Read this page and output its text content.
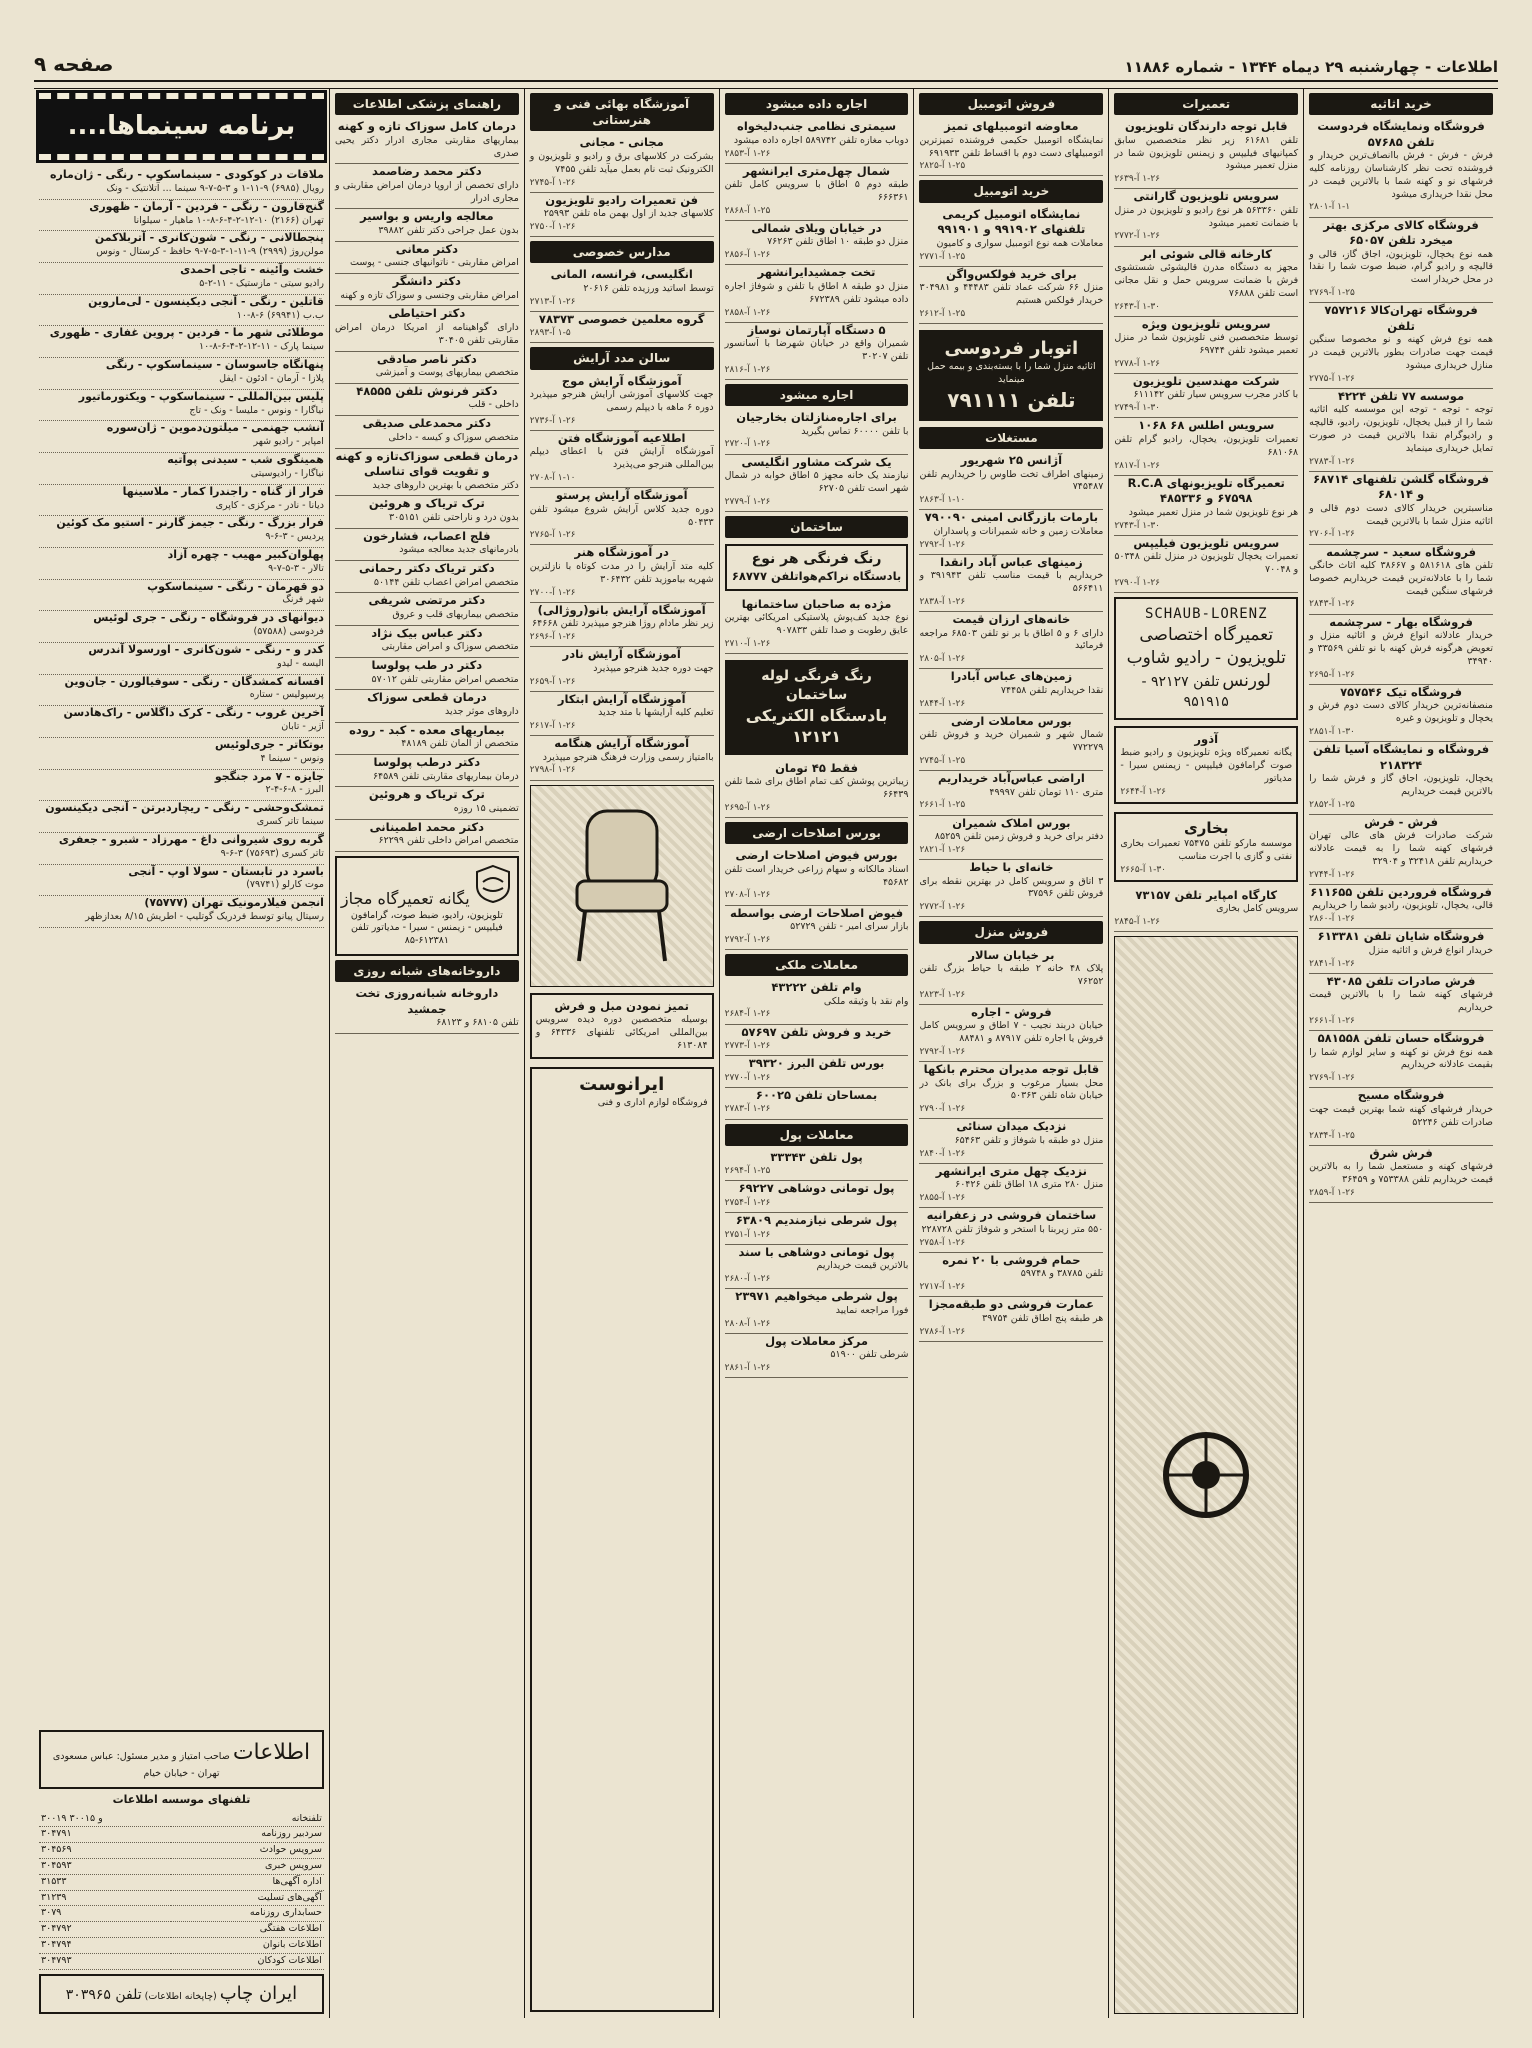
اطلاعات - چهارشنبه ۲۹ دیماه ۱۳۴۴ - شماره ۱۱۸۸۶
صفحه ۹
خرید اثاثیه
فروشگاه ونمایشگاه فردوست تلفن ۵۷۶۸۵
فرش - فرش - فرش باانصاف‌ترین خریدار و فروشنده تحت نظر کارشناسان روزنامه کلیه فرشهای نو و کهنه شما با بالاترین قیمت در محل نقدا خریداری میشود
۱-۱ آ-۲۸۰۱
فروشگاه کالای مرکزی بهتر میخرد تلفن ۶۵۰۵۷
همه نوع یخچال، تلویزیون، اجاق گاز، قالی و قالیچه و رادیو گرام، ضبط صوت شما را نقدا در محل خریدار است
۱-۲۵ آ-۲۷۶۹
فروشگاه تهران‌کالا ۷۵۷۲۱۶ تلفن
همه نوع فرش کهنه و نو مخصوصا سنگین قیمت جهت صادرات بطور بالاترین قیمت در منازل خریداری میشود
۱-۲۶ آ-۲۷۷۵
موسسه ۷۷ تلفن ۴۲۲۴
توجه - توجه - توجه این موسسه کلیه اثاثیه شما را از قبیل یخچال، تلویزیون، رادیو، قالیچه و رادیوگرام نقدا بالاترین قیمت در صورت تمایل خریداری مینماید
۱-۲۶ آ-۲۷۸۳
فروشگاه گلشن تلفنهای ۶۸۷۱۴ و ۶۸۰۱۴
مناسبترین خریدار کالای دست دوم قالی و اثاثیه منزل شما با بالاترین قیمت
۱-۲۶ آ-۲۷۰۶
فروشگاه سعید - سرچشمه
تلفن های ۵۸۱۶۱۸ و ۳۸۶۶۷ کلیه اثاث خانگی شما را با عادلانه‌ترین قیمت خریداریم خصوصا فرشهای سنگین قیمت
۱-۲۶ آ-۲۸۴۳
فروشگاه بهار - سرچشمه
خریدار عادلانه انواع فرش و اثاثیه منزل و تعویض هرگونه فرش کهنه با نو تلفن ۳۳۵۶۹ و ۳۴۹۴۰
۱-۲۶ آ-۲۶۹۵
فروشگاه تیک ۷۵۷۵۴۶
منصفانه‌ترین خریدار کالای دست دوم فرش و یخچال و تلویزیون و غیره
۱-۳۰ آ-۲۸۵۱
فروشگاه و نمایشگاه آسیا تلفن ۲۱۸۳۲۴
یخچال، تلویزیون، اجاق گاز و فرش شما را بالاترین قیمت خریداریم
۱-۲۵ آ-۲۸۵۲
فرش - فرش
شرکت صادرات فرش های عالی تهران فرشهای کهنه شما را به قیمت عادلانه خریداریم تلفن ۳۲۴۱۸ و ۳۲۹۰۴
۱-۲۶ آ-۲۷۴۴
فروشگاه فروردین تلفن ۶۱۱۶۵۵
قالی، یخچال، تلویزیون، رادیو شما را خریداریم
۱-۲۶ آ-۲۸۶۰
فروشگاه شایان تلفن ۶۱۳۳۸۱
خریدار انواع فرش و اثاثیه منزل
۱-۲۶ آ-۲۸۴۱
فرش صادرات تلفن ۴۳۰۸۵
فرشهای کهنه شما را با بالاترین قیمت خریداریم
۱-۲۶ آ-۲۶۶۱
فروشگاه حسان تلفن ۵۸۱۵۵۸
همه نوع فرش نو کهنه و سایر لوازم شما را بقیمت عادلانه خریداریم
۱-۲۶ آ-۲۷۶۹
فروشگاه مسیح
خریدار فرشهای کهنه شما بهترین قیمت جهت صادرات تلفن ۵۲۲۴۶
۱-۲۵ آ-۲۸۳۴
فرش شرق
فرشهای کهنه و مستعمل شما را به بالاترین قیمت خریداریم تلفن ۷۵۳۳۸۸ و ۳۶۴۵۹
۱-۲۶ آ-۲۸۵۹
تعمیرات
قابل توجه دارندگان تلویزیون
تلفن ۶۱۶۸۱ زیر نظر متخصصین سابق کمپانیهای فیلیپس و زیمنس تلویزیون شما در منزل تعمیر میشود
۱-۲۶ آ-۲۶۳۹
سرویس تلویزیون گارانتی
تلفن ۵۶۳۳۶۰ هر نوع رادیو و تلویزیون در منزل با ضمانت تعمیر میشود
۱-۲۶ آ-۲۷۷۲
کارخانه قالی شوئی ابر
مجهز به دستگاه مدرن قالیشوئی شستشوی فرش با ضمانت سرویس حمل و نقل مجانی است تلفن ۷۶۸۸۸
۱-۳۰ آ-۲۶۴۳
سرویس تلویزیون ویژه
توسط متخصصین فنی تلویزیون شما در منزل تعمیر میشود تلفن ۶۹۷۴۴
۱-۲۶ آ-۲۷۷۸
شرکت مهندسین تلویزیون
با کادر مجرب سرویس سیار تلفن ۶۱۱۱۴۲
۱-۳۰ آ-۲۷۴۹
سرویس اطلس ۶۸ ۱۰۶۸
تعمیرات تلویزیون، یخچال، رادیو گرام تلفن ۶۸۱۰۶۸
۱-۲۶ آ-۲۸۱۷
تعمیرگاه تلویزیونهای R.C.A ۶۷۵۹۸ و ۴۸۵۳۳۶
هر نوع تلویزیون شما در منزل تعمیر میشود
۱-۳۰ آ-۲۷۴۳
سرویس تلویزیون فیلیپس
تعمیرات یخچال تلویزیون در منزل تلفن ۵۰۳۴۸ و ۷۰۰۴۸
۱-۲۶ آ-۲۷۹۰
SCHAUB-LORENZ تعمیرگاه اختصاصی تلویزیون - رادیو شاوب لورنس تلفن ۹۲۱۲۷ - ۹۵۱۹۱۵
آذور
یگانه تعمیرگاه ویژه تلویزیون و رادیو ضبط صوت گرامافون فیلیپس - زیمنس سیرا - مدیاتور
۱-۲۶ آ-۲۶۴۴
بخاری
موسسه مارکو تلفن ۷۵۴۷۵ تعمیرات بخاری نفتی و گازی با اجرت مناسب
۱-۳۰ آ-۲۶۶۵
کارگاه امپایر تلفن ۷۳۱۵۷
سرویس کامل بخاری
۱-۲۶ آ-۲۸۴۵
فروش اتومبیل
معاوضه اتومبیلهای تمیز
نمایشگاه اتومبیل حکیمی فروشنده تمیزترین اتومبیلهای دست دوم با اقساط تلفن ۶۹۱۹۳۳
۱-۲۵ آ-۲۸۲۵
خرید اتومبیل
نمایشگاه اتومبیل کریمی تلفنهای ۹۹۱۹۰۲ و ۹۹۱۹۰۱
معاملات همه نوع اتومبیل سواری و کامیون
۱-۲۵ آ-۲۷۷۱
برای خرید فولکس‌واگن
منزل ۶۶ شرکت عماد تلفن ۴۴۴۸۳ و ۳۰۴۹۸۱ خریدار فولکس هستیم
۱-۲۵ آ-۲۶۱۲
اتوبار فردوسی
اثاثیه منزل شما را با بسته‌بندی و بیمه حمل مینماید
تلفن ۷۹۱۱۱۱
مستغلات
آژانس ۲۵ شهریور
زمینهای اطراف تخت طاوس را خریداریم تلفن ۷۴۵۴۸۷
۱-۱۰ آ-۲۸۶۳
بارمات بازرگانی امینی ۷۹۰۰۹۰
معاملات زمین و خانه شمیرانات و پاسداران
۱-۲۶ آ-۲۷۹۲
زمینهای عباس آباد رانقدا
خریداریم با قیمت مناسب تلفن ۳۹۱۹۴۳ و ۵۶۶۴۱۱
۱-۲۶ آ-۲۸۳۸
خانه‌های ارزان قیمت
دارای ۶ و ۵ اطاق با بر نو تلفن ۶۸۵۰۳ مراجعه فرمائید
۱-۲۶ آ-۲۸۰۵
زمین‌های عباس آبادرا
نقدا خریداریم تلفن ۷۴۴۵۸
۱-۲۶ آ-۲۸۴۴
بورس معاملات ارضی
شمال شهر و شمیران خرید و فروش تلفن ۷۷۲۲۷۹
۱-۲۵ آ-۲۷۴۵
اراضی عباس‌آباد خریداریم
متری ۱۱۰ تومان تلفن ۴۹۹۹۷
۱-۲۵ آ-۲۶۶۱
بورس املاک شمیران
دفتر برای خرید و فروش زمین تلفن ۸۵۲۵۹
۱-۲۶ آ-۲۸۲۱
خانه‌ای با حیاط
۳ اتاق و سرویس کامل در بهترین نقطه برای فروش تلفن ۳۷۵۹۶
۱-۲۶ آ-۲۷۷۲
فروش منزل
بر خیابان سالار
پلاک ۴۸ خانه ۲ طبقه با حیاط بزرگ تلفن ۷۶۲۵۲
۱-۲۶ آ-۲۸۲۳
فروش - اجاره
خیابان دربند نجیب - ۷ اطاق و سرویس کامل فروش یا اجاره تلفن ۸۷۹۱۷ و ۸۸۴۸۱
۱-۲۶ آ-۲۷۹۲
قابل توجه مدیران محترم بانکها
محل بسیار مرغوب و بزرگ برای بانک در خیابان شاه تلفن ۵۰۳۶۳
۱-۲۶ آ-۲۷۹۰
نزدیک میدان سنائی
منزل دو طبقه با شوفاژ و تلفن ۶۵۴۶۳
۱-۲۶ آ-۲۸۴۰
نزدیک چهل متری ایرانشهر
منزل ۲۸۰ متری ۱۸ اطاق تلفن ۶۰۴۲۶
۱-۲۶ آ-۲۸۵۵
ساختمان فروشی در زعفرانیه
۵۵۰ متر زیربنا با استخر و شوفاژ تلفن ۲۲۸۷۲۸
۱-۲۶ آ-۲۷۵۸
حمام فروشی با ۲۰ نمره
تلفن ۳۸۷۸۵ و ۵۹۷۴۸
۱-۲۶ آ-۲۷۱۷
عمارت فروشی دو طبقه‌مجزا
هر طبقه پنج اطاق تلفن ۳۹۷۵۴
۱-۲۶ آ-۲۷۸۶
اجاره داده میشود
سیمتری نظامی جنب‌دلیخواه
دوباب مغازه تلفن ۵۸۹۷۴۲ اجاره داده میشود
۱-۲۶ آ-۲۸۵۳
شمال چهل‌متری ایرانشهر
طبقه دوم ۵ اطاق با سرویس کامل تلفن ۶۶۶۳۶۱
۱-۲۵ آ-۲۸۶۸
در خیابان ویلای شمالی
منزل دو طبقه ۱۰ اطاق تلفن ۷۶۲۶۳
۱-۲۶ آ-۲۸۵۶
تخت جمشیدایرانشهر
منزل دو طبقه ۸ اطاق با تلفن و شوفاژ اجاره داده میشود تلفن ۶۷۲۳۸۹
۱-۲۶ آ-۲۸۵۸
۵ دستگاه آپارتمان نوساز
شمیران واقع در خیابان شهرضا با آسانسور تلفن ۳۰۲۰۷
۱-۲۶ آ-۲۸۱۶
اجاره میشود
برای اجاره‌منازلتان بخارجیان
با تلفن ۶۰۰۰۰ تماس بگیرید
۱-۲۶ آ-۲۷۲۰
یک شرکت مشاور انگلیسی
نیازمند یک خانه مجهز ۵ اطاق خوابه در شمال شهر است تلفن ۶۲۷۰۵
۱-۲۶ آ-۲۷۷۹
ساختمان
رنگ فرنگی هر نوع
بادستگاه نراکم‌هواتلفن ۶۸۷۷۷
مژده به صاحبان ساختمانها
نوع جدید کف‌پوش پلاستیکی امریکائی بهترین عایق رطوبت و صدا تلفن ۹۰۷۸۳۳
۱-۲۶ آ-۲۷۱۰
رنگ فرنگی لوله ساختمان
بادستگاه الکتریکی ۱۲۱۲۱
فقط ۴۵ تومان
زیباترین پوشش کف تمام اطاق برای شما تلفن ۶۶۴۳۹
۱-۲۶ آ-۲۶۹۵
بورس اصلاحات ارضی
بورس فیوض اصلاحات ارضی
اسناد مالکانه و سهام زراعی خریدار است تلفن ۴۵۶۸۲
۱-۲۶ آ-۲۷۰۸
فیوض اصلاحات ارضی بواسطه
بازار سرای امیر - تلفن ۵۲۷۲۹
۱-۲۶ آ-۲۷۹۲
معاملات ملکی
وام تلفن ۴۳۲۲۲
وام نقد با وثیقه ملکی
۱-۲۶ آ-۲۶۸۴
خرید و فروش تلفن ۵۷۶۹۷
۱-۲۶ آ-۲۷۷۳
بورس تلفن البرز ۳۹۳۲۰
۱-۲۶ آ-۲۷۷۰
بمساحان تلفن ۶۰۰۲۵
۱-۲۶ آ-۲۷۸۳
معاملات پول
پول تلفن ۳۳۳۴۳
۱-۲۵ آ-۲۶۹۴
پول تومانی دوشاهی ۶۹۲۲۷
۱-۲۶ آ-۲۷۵۴
پول شرطی نیازمندیم ۶۳۸۰۹
۱-۲۶ آ-۲۷۵۱
پول تومانی دوشاهی با سند
بالاترین قیمت خریداریم
۱-۲۶ آ-۲۶۸۰
پول شرطی میخواهیم ۲۳۹۷۱
فورا مراجعه نمایید
۱-۲۶ آ-۲۸۰۸
مرکز معاملات پول
شرطی تلفن ۵۱۹۰۰
۱-۲۶ آ-۲۸۶۱
آموزشگاه بهائی فنی و هنرستانی
مجانی - مجانی
بشرکت در کلاسهای برق و رادیو و تلویزیون و الکترونیک ثبت نام بعمل میآید تلفن ۷۴۵۵
۱-۲۶ آ-۲۷۴۵
فن تعمیرات رادیو تلویزیون
کلاسهای جدید از اول بهمن ماه تلفن ۲۵۹۹۳
۱-۲۶ آ-۲۷۵۰
مدارس خصوصی
انگلیسی، فرانسه، المانی
توسط اساتید ورزیده تلفن ۲۰۶۱۶
۱-۲۶ آ-۲۷۱۳
گروه معلمین خصوصی ۷۸۳۷۳
۱-۵ آ-۲۸۹۳
سالن مدد آرایش
آموزشگاه آرایش موج
جهت کلاسهای آموزشی آرایش هنرجو میپذیرد دوره ۶ ماهه با دیپلم رسمی
۱-۲۶ آ-۲۷۳۶
اطلاعیه آموزشگاه فتن
آموزشگاه آرایش فتن با اعطای دیپلم بین‌المللی هنرجو می‌پذیرد
۱-۱۰ آ-۲۷۰۸
آموزشگاه آرایش پرستو
دوره جدید کلاس آرایش شروع میشود تلفن ۵۰۴۳۳
۱-۲۶ آ-۲۷۶۵
در آموزشگاه هنر
کلیه متد آرایش را در مدت کوتاه با نازلترین شهریه بیاموزید تلفن ۳۰۶۴۳۲
۱-۲۶ آ-۲۷۰۰
آموزشگاه آرایش بانو(روژالی)
زیر نظر مادام روژا هنرجو میپذیرد تلفن ۶۴۶۶۸
۱-۲۶ آ-۲۶۹۶
آموزشگاه آرایش نادر
جهت دوره جدید هنرجو میپذیرد
۱-۲۶ آ-۲۶۵۹
آموزشگاه آرایش ابتکار
تعلیم کلیه آرایشها با متد جدید
۱-۲۶ آ-۲۶۱۷
آموزشگاه آرایش هنگامه
باامتیاز رسمی وزارت فرهنگ هنرجو میپذیرد
۱-۲۶ آ-۲۷۹۸
تمیز نمودن مبل و فرش
بوسیله متخصصین دوره دیده سرویس بین‌المللی امریکائی تلفنهای ۶۴۳۳۶ و ۶۱۳۰۸۴
ایرانوست
فروشگاه لوازم اداری و فنی
راهنمای پزشکی اطلاعات
درمان کامل سوزاک تازه و کهنه
بیماریهای مقاربتی مجاری ادرار دکتر یحیی صدری
دکتر محمد رضاصمد
دارای تخصص از اروپا درمان امراض مقاربتی و مجاری ادرار
معالجه واریس و بواسیر
بدون عمل جراحی دکتر تلفن ۳۹۸۸۲
دکتر معانی
امراض مقاربتی - ناتوانیهای جنسی - پوست
دکتر دانشگر
امراض مقاربتی وجنسی و سوزاک تازه و کهنه
دکتر احتیاطی
دارای گواهینامه از امریکا درمان امراض مقاربتی تلفن ۳۰۴۰۵
دکتر ناصر صادقی
متخصص بیماریهای پوست و آمیزشی
دکتر فرنوش تلفن ۴۸۵۵۵
داخلی - قلب
دکتر محمدعلی صدیقی
متخصص سوزاک و کیسه - داخلی
درمان قطعی سوزاک‌تازه و کهنه و تقویت قوای تناسلی
دکتر متخصص با بهترین داروهای جدید
ترک تریاک و هروئین
بدون درد و ناراحتی تلفن ۳۰۵۱۵۱
فلج اعصاب، فشارخون
بادرمانهای جدید معالجه میشود
دکتر تریاک دکتر رحمانی
متخصص امراض اعصاب تلفن ۵۰۱۴۴
دکتر مرتضی شریفی
متخصص بیماریهای قلب و عروق
دکتر عباس بیک نژاد
متخصص سوزاک و امراض مقاربتی
دکتر در طب پولوسا
متخصص امراض مقاربتی تلفن ۵۷۰۱۲
درمان قطعی سوزاک
داروهای موثر جدید
بیماریهای معده - کبد - روده
متخصص از آلمان تلفن ۴۸۱۸۹
دکتر درطب پولوسا
درمان بیماریهای مقاربتی تلفن ۶۴۵۸۹
ترک تریاک و هروئین
تضمینی ۱۵ روزه
دکتر محمد اطمینانی
متخصص امراض داخلی تلفن ۶۲۲۹۹
یگانه تعمیرگاه مجاز تلویزیون، رادیو، ضبط صوت، گرامافون فیلیپس - زیمنس - سیرا - مدیاتور تلفن ۶۱۲۳۸۱-۸۵
داروخانه‌های شبانه روزی
داروخانه شبانه‌روزی تخت جمشید
تلفن ۶۸۱۰۵ و ۶۸۱۲۳
برنامه سینماها....
ملاقات در کوکودی - سینماسکوپ - رنگی - ژان‌ماره
رویال (۶۹۸۵) ۹-۱۱-۱ و ۳-۵-۷-۹ سینما ... آتلانتیک - ونک
گنج‌قارون - رنگی - فردین - آرمان - ظهوری
تهران (۲۱۶۶) ۱۰-۱۲-۲-۴-۶-۸-۱۰ ماهیار - سیلوانا
پنجطالانی - رنگی - شون‌کانری - آتربلاکمن
مولن‌روژ (۲۹۹۹) ۹-۱۱-۱-۳-۵-۷-۹ حافظ - کرستال - ونوس
خشت وآئینه - تاجی احمدی
رادیو سیتی - مازستیک - ۱۱-۲-۵
قاتلین - رنگی - آنجی دیکینسون - لی‌ماروین
ب.ب (۶۹۹۴۱) ۶-۸-۱۰
موطلائی شهر ما - فردین - پروین غفاری - ظهوری
سینما پارک - ۱۱-۱۲-۲-۴-۶-۸-۱۰
پنهانگاه جاسوسان - سینماسکوپ - رنگی
پلازا - آرمان - ادئون - ایفل
پلیس بین‌المللی - سینماسکوپ - ویکتورماتیور
نیاگارا - ونوس - ملیسا - ونک - تاج
آنشب جهنمی - میلتون‌دموین - ژان‌سوره
امپایر - رادیو شهر
همینگوی شب - سیدنی پوآتیه
نیاگارا - رادیوسیتی
فرار از گناه - راجندرا کمار - ملاسینها
دیانا - نادر - مرکزی - کاپری
فرار بزرگ - رنگی - جیمز گارنر - استیو مک کوئین
پردیس - ۳-۶-۹
پهلوان‌کبیر مهیب - چهره آزاد
تالار - ۳-۵-۷-۹
دو قهرمان - رنگی - سینماسکوپ
شهر فرنگ
دیوانهای در فروشگاه - رنگی - جری لوئیس
فردوسی (۵۷۵۸۸)
کدر و - رنگی - شون‌کانری - اورسولا آندرس
الیسه - لیدو
افسانه کمشدگان - رنگی - سوفیالورن - جان‌وین
پرسپولیس - ستاره
آخرین غروب - رنگی - کرک داگلاس - راک‌هادسن
آژیر - تابان
بوتکاتر - جری‌لوئیس
ونوس - سینما ۴
جایزه - ۷ مرد جنگجو
البرز - ۸-۶-۴-۲
تمشک‌وحشی - رنگی - ریچاردبرتن - آنجی دیکینسون
سینما تاتر کسری
گربه‌ روی شیروانی داغ - مهرزاد - شبرو - جعفری
تاتر کسری (۷۵۶۹۳) ۳-۶-۹
باسرد در تابستان - سولا اوپ - آنجی
موت کارلو (۷۹۷۴۱)
انجمن فیلارمونیک تهران (۷۵۷۷۷)
رسیتال پیانو توسط فردریک گوتلیپ - اطریش ۸/۱۵ بعدازظهر
اطلاعات صاحب امتیاز و مدیر مسئول: عباس مسعودی تهران - خیابان خیام
تلفنهای موسسه اطلاعات
تلفنخانه	۳۰۰۱۹ و ۳۰۰۱۵
سردبیر روزنامه	۳۰۴۷۹۱
سرویس حوادث	۳۰۴۵۶۹
سرویس خبری	۳۰۴۵۹۳
اداره آگهی‌ها	۳۱۵۳۳
آگهی‌های تسلیت	۳۱۲۳۹
حسابداری روزنامه	۳۰۷۹
اطلاعات هفتگی	۳۰۴۷۹۲
اطلاعات بانوان	۳۰۴۷۹۴
اطلاعات کودکان	۳۰۴۷۹۳
ایران چاپ (چاپخانه اطلاعات) تلفن ۳۰۳۹۶۵
